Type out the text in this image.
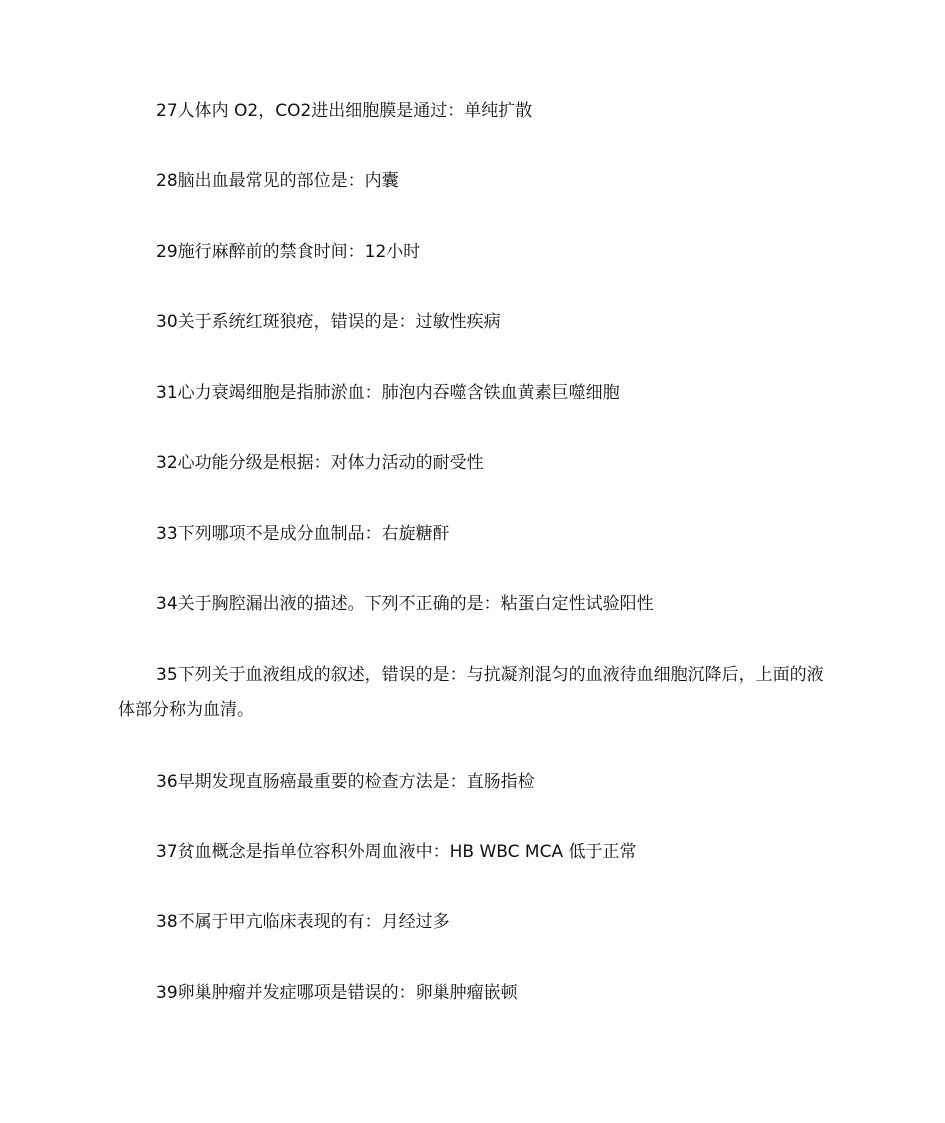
27人体内 O2，CO2进出细胞膜是通过：单纯扩散

28脑出血最常见的部位是：内囊

29施行麻醉前的禁食时间：12小时

30关于系统红斑狼疮，错误的是：过敏性疾病

31心力衰竭细胞是指肺淤血：肺泡内吞噬含铁血黄素巨噬细胞

32心功能分级是根据：对体力活动的耐受性

33下列哪项不是成分血制品：右旋糖酐

34关于胸腔漏出液的描述。下列不正确的是：粘蛋白定性试验阳性

35下列关于血液组成的叙述，错误的是：与抗凝剂混匀的血液待血细胞沉降后，上面的液体部分称为血清。

36早期发现直肠癌最重要的检查方法是：直肠指检

37贫血概念是指单位容积外周血液中：HB WBC MCA 低于正常

38不属于甲亢临床表现的有：月经过多

39卵巢肿瘤并发症哪项是错误的：卵巢肿瘤嵌顿
